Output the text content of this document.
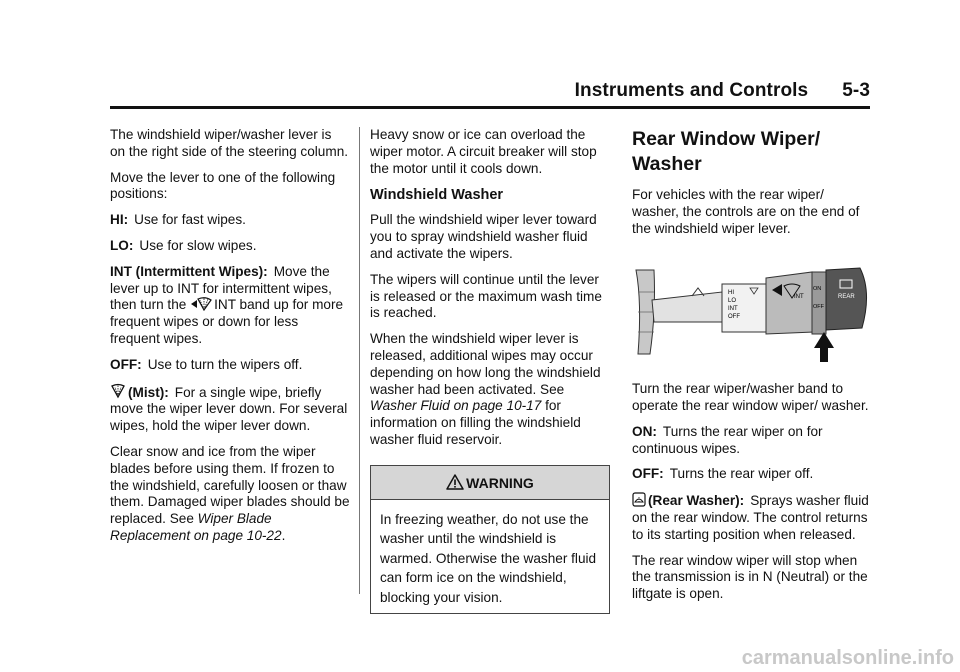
Instruments and Controls 5-3

The windshield wiper/washer lever is on the right side of the steering column.

Move the lever to one of the following positions:

HI: Use for fast wipes.

LO: Use for slow wipes.

INT (Intermittent Wipes): Move the lever up to INT for intermittent wipes, then turn the INT band up for more frequent wipes or down for less frequent wipes.

OFF: Use to turn the wipers off.

(Mist): For a single wipe, briefly move the wiper lever down. For several wipes, hold the wiper lever down.

Clear snow and ice from the wiper blades before using them. If frozen to the windshield, carefully loosen or thaw them. Damaged wiper blades should be replaced. See Wiper Blade Replacement on page 10-22.

Heavy snow or ice can overload the wiper motor. A circuit breaker will stop the motor until it cools down.

Windshield Washer

Pull the windshield wiper lever toward you to spray windshield washer fluid and activate the wipers.

The wipers will continue until the lever is released or the maximum wash time is reached.

When the windshield wiper lever is released, additional wipes may occur depending on how long the windshield washer had been activated. See Washer Fluid on page 10-17 for information on filling the windshield washer fluid reservoir.

WARNING
In freezing weather, do not use the washer until the windshield is warmed. Otherwise the washer fluid can form ice on the windshield, blocking your vision.
Rear Window Wiper/ Washer

For vehicles with the rear wiper/ washer, the controls are on the end of the windshield wiper lever.

HI
LO
INT
OFF
INT
ON
OFF
REAR

Turn the rear wiper/washer band to operate the rear window wiper/ washer.

ON: Turns the rear wiper on for continuous wipes.

OFF: Turns the rear wiper off.

(Rear Washer): Sprays washer fluid on the rear window. The control returns to its starting position when released.

The rear window wiper will stop when the transmission is in N (Neutral) or the liftgate is open.

carmanualsonline.info
